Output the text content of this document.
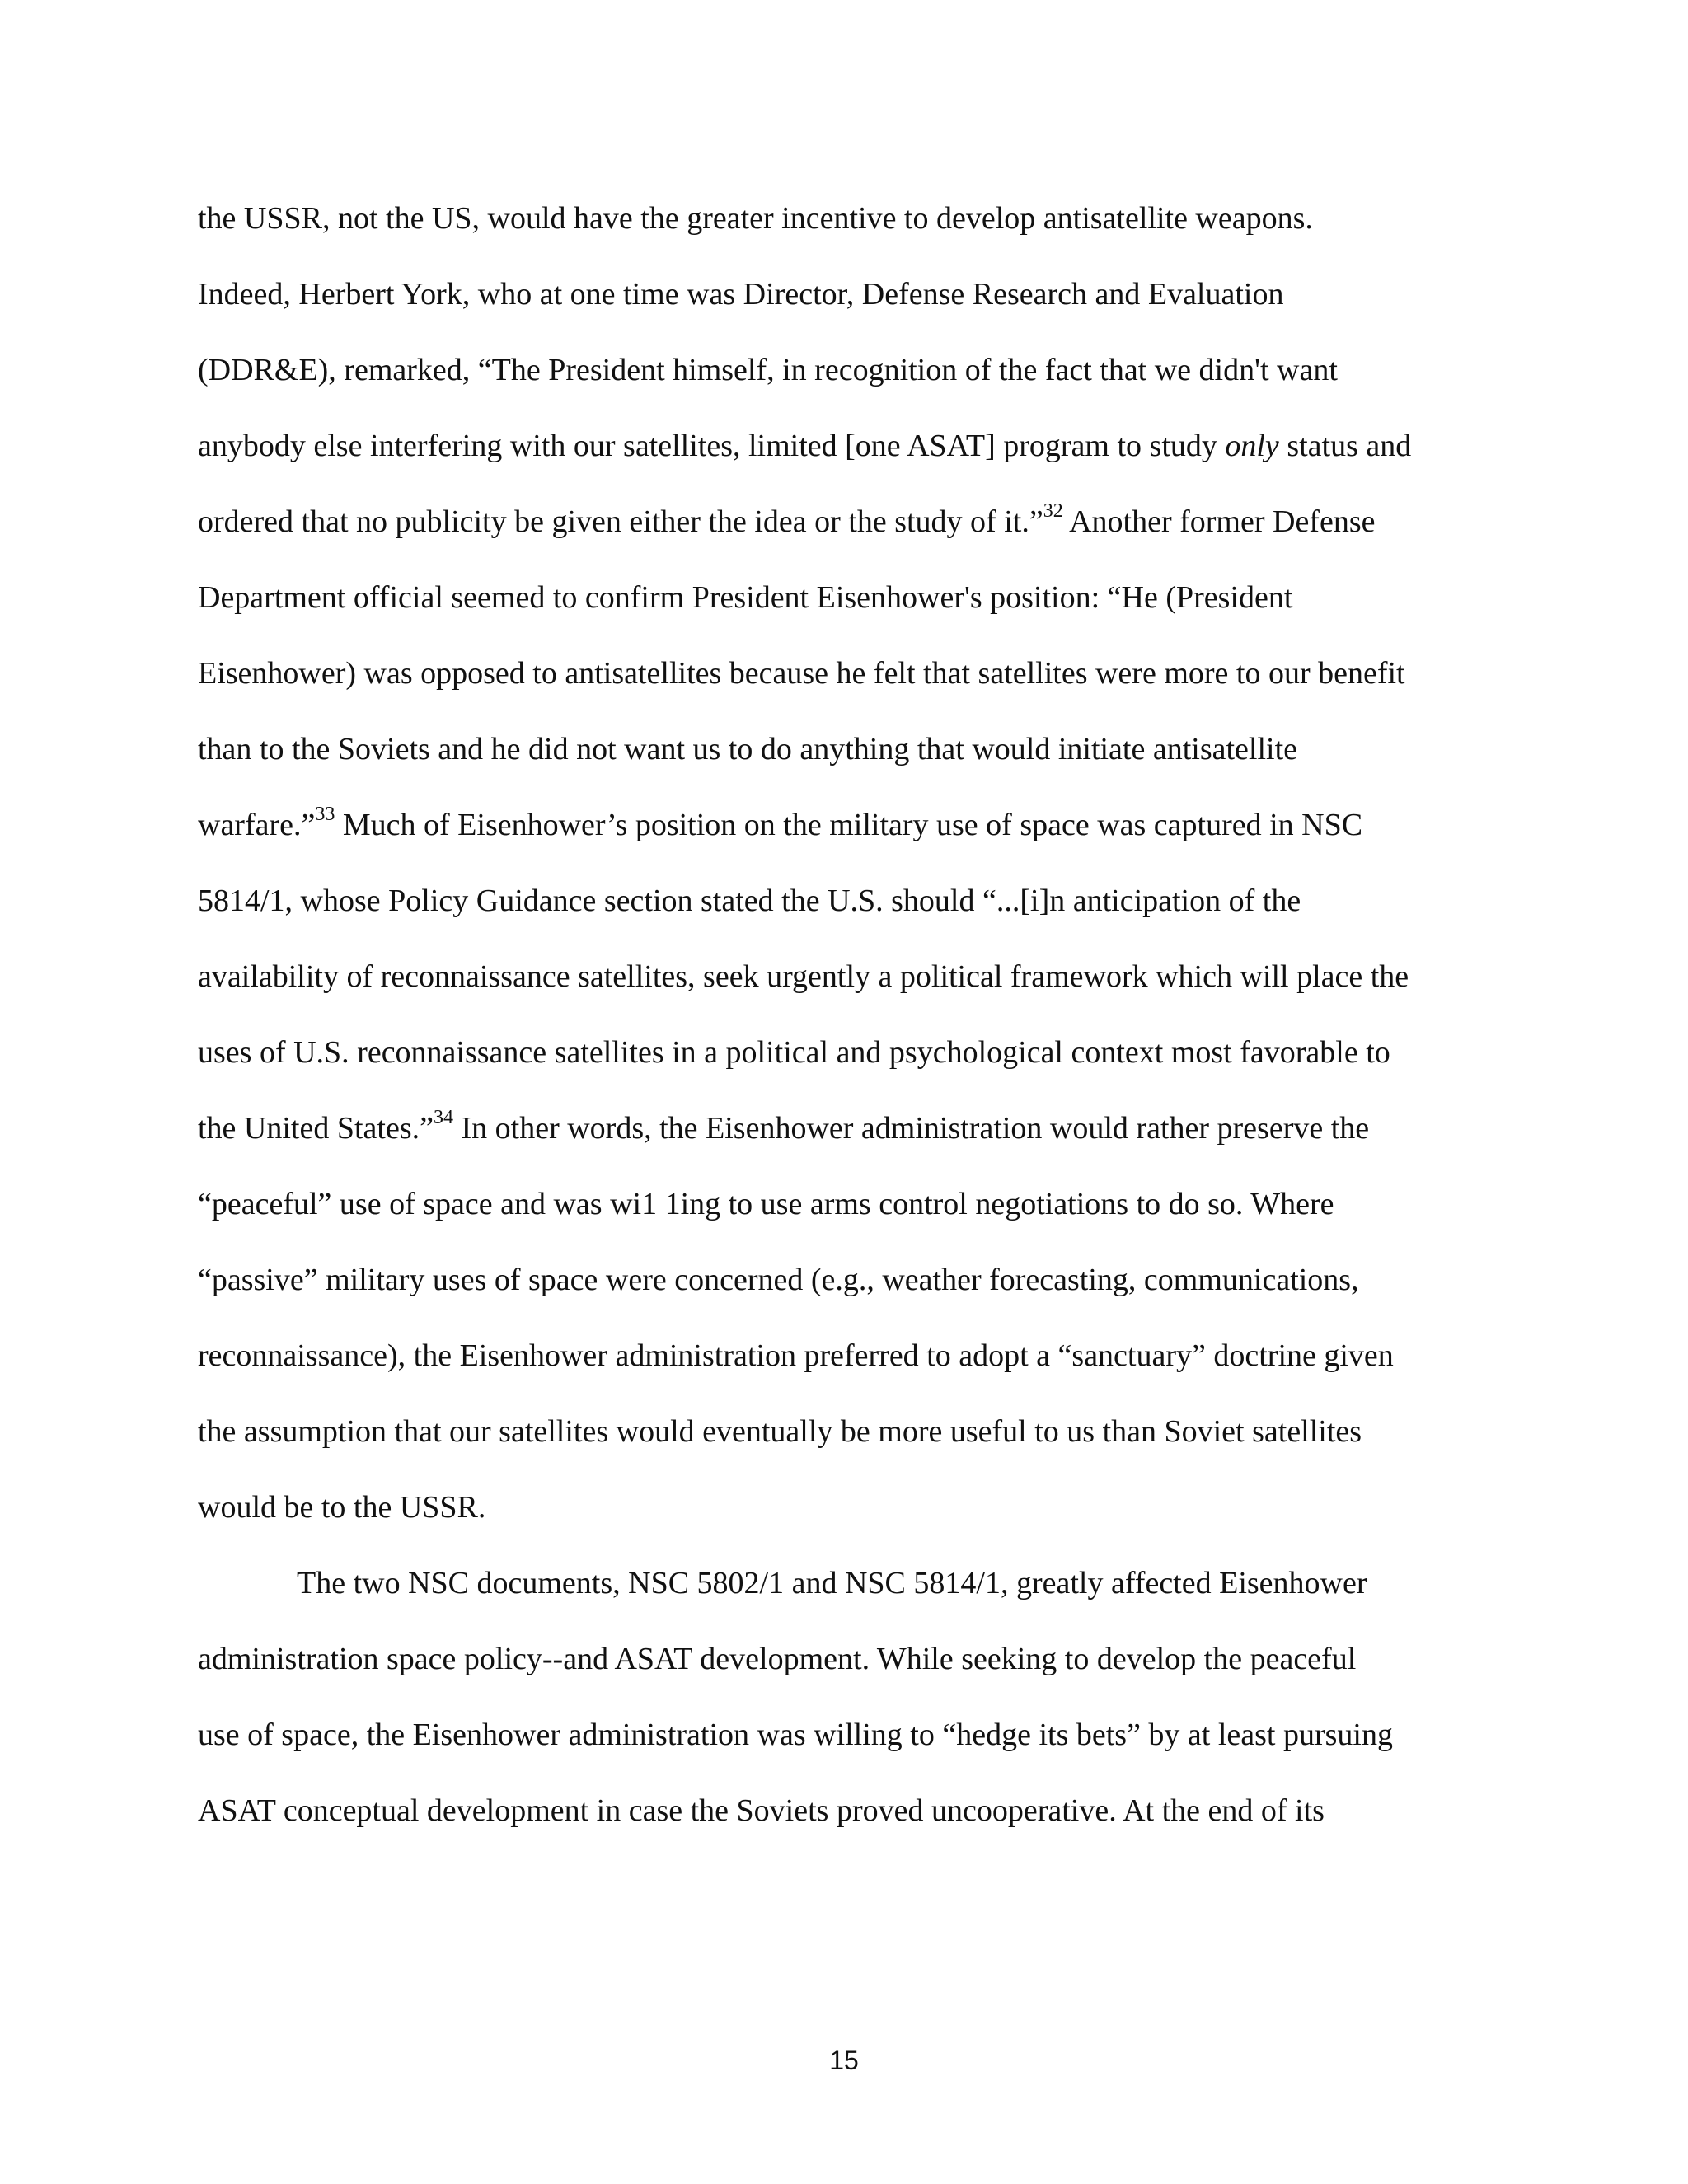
the USSR, not the US, would have the greater incentive to develop antisatellite weapons.
Indeed, Herbert York, who at one time was Director, Defense Research and Evaluation
(DDR&E), remarked, “The President himself, in recognition of the fact that we didn't want
anybody else interfering with our satellites, limited [one ASAT] program to study only status and
ordered that no publicity be given either the idea or the study of it.”$^{32}$ Another former Defense
Department official seemed to confirm President Eisenhower's position: “He (President
Eisenhower) was opposed to antisatellites because he felt that satellites were more to our benefit
than to the Soviets and he did not want us to do anything that would initiate antisatellite
warfare.”$^{33}$ Much of Eisenhower’s position on the military use of space was captured in NSC
5814/1, whose Policy Guidance section stated the U.S. should “...[i]n anticipation of the
availability of reconnaissance satellites, seek urgently a political framework which will place the
uses of U.S. reconnaissance satellites in a political and psychological context most favorable to
the United States.”$^{34}$ In other words, the Eisenhower administration would rather preserve the
“peaceful” use of space and was wi1 1ing to use arms control negotiations to do so. Where
“passive” military uses of space were concerned (e.g., weather forecasting, communications,
reconnaissance), the Eisenhower administration preferred to adopt a “sanctuary” doctrine given
the assumption that our satellites would eventually be more useful to us than Soviet satellites
would be to the USSR.
The two NSC documents, NSC 5802/1 and NSC 5814/1, greatly affected Eisenhower
administration space policy--and ASAT development. While seeking to develop the peaceful
use of space, the Eisenhower administration was willing to “hedge its bets” by at least pursuing
ASAT conceptual development in case the Soviets proved uncooperative. At the end of its
15
